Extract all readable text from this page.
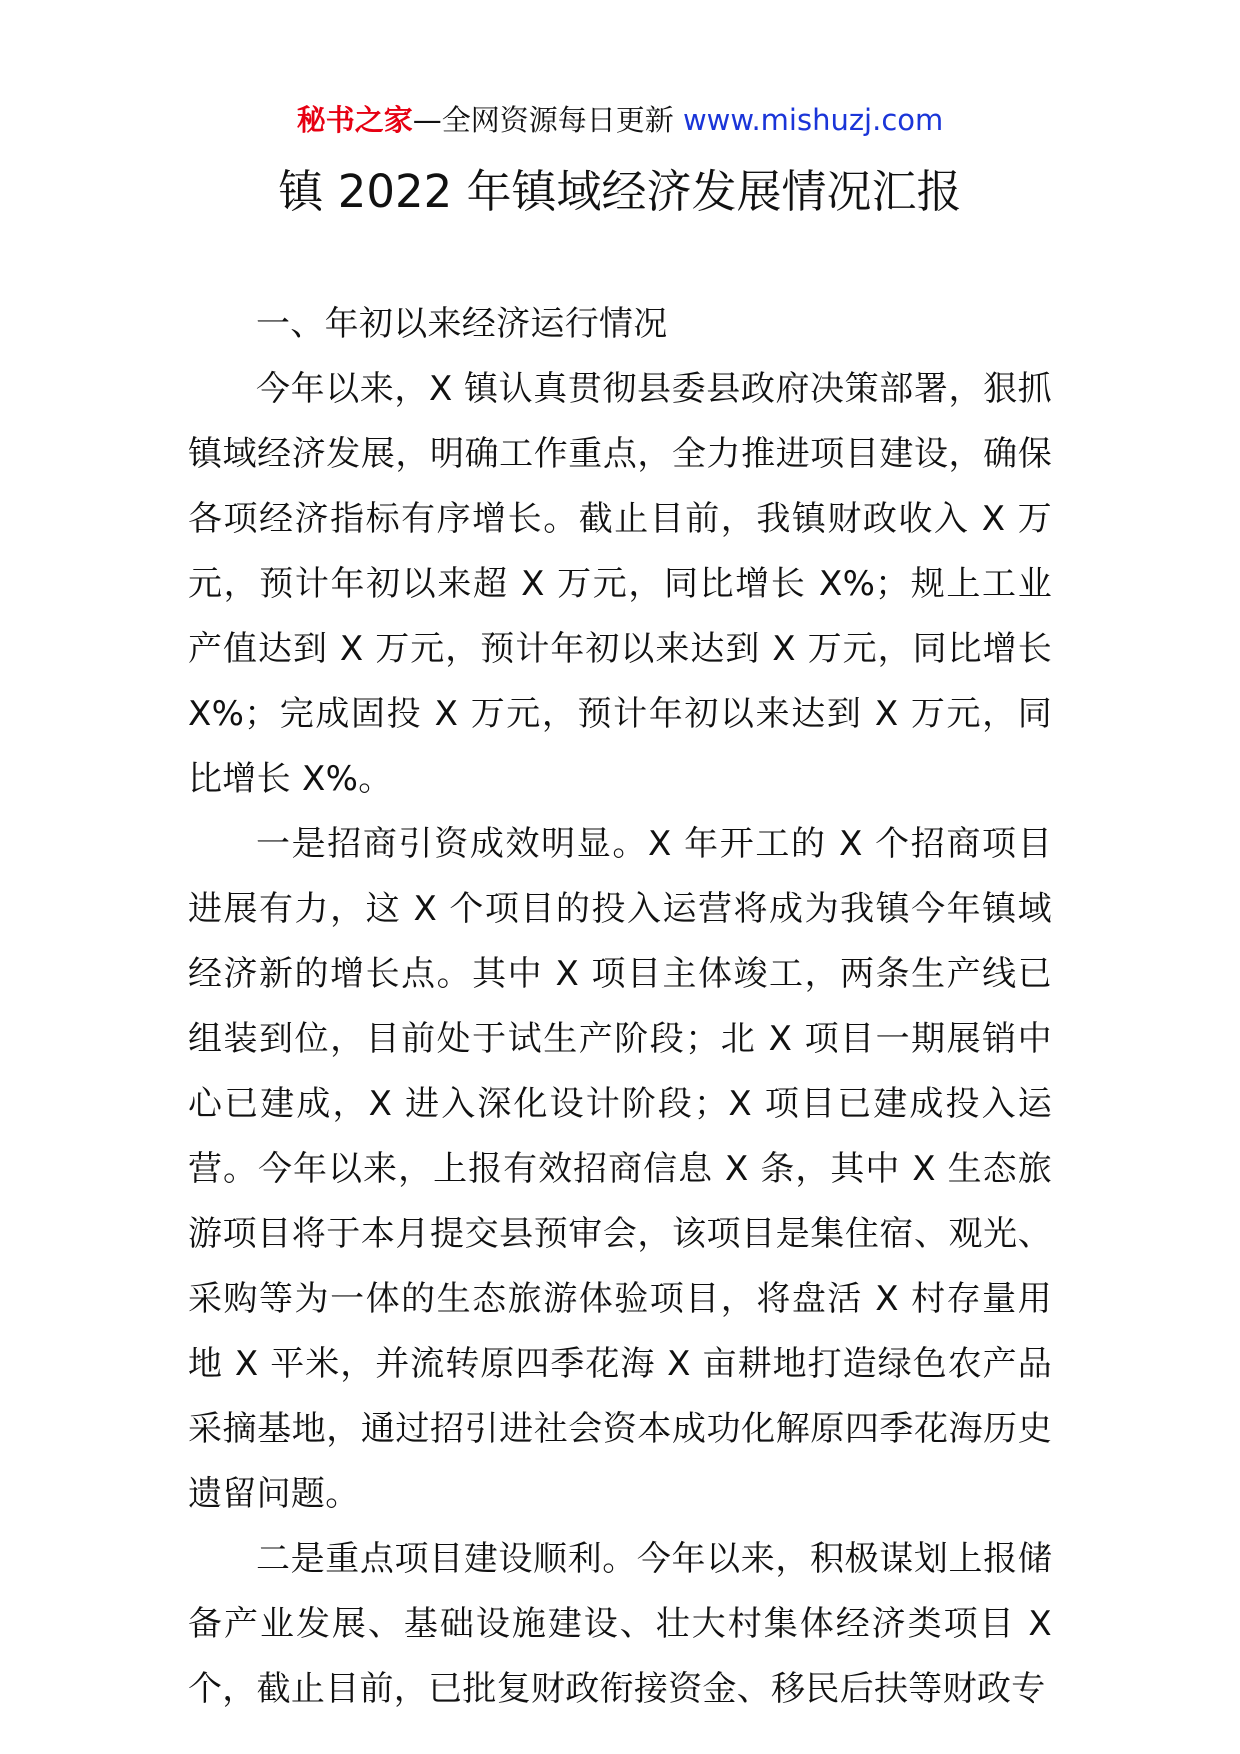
秘书之家—全网资源每日更新 www.mishuzj.com
镇 2022 年镇域经济发展情况汇报

一、年初以来经济运行情况

今年以来，X 镇认真贯彻县委县政府决策部署，狠抓镇域经济发展，明确工作重点，全力推进项目建设，确保各项经济指标有序增长。截止目前，我镇财政收入 X 万元，预计年初以来超 X 万元，同比增长 X%；规上工业产值达到 X 万元，预计年初以来达到 X 万元，同比增长 X%；完成固投 X 万元，预计年初以来达到 X 万元，同比增长 X%。

一是招商引资成效明显。X 年开工的 X 个招商项目进展有力，这 X 个项目的投入运营将成为我镇今年镇域经济新的增长点。其中 X 项目主体竣工，两条生产线已组装到位，目前处于试生产阶段；北 X 项目一期展销中心已建成，X 进入深化设计阶段；X 项目已建成投入运营。今年以来，上报有效招商信息 X 条，其中 X 生态旅游项目将于本月提交县预审会，该项目是集住宿、观光、采购等为一体的生态旅游体验项目，将盘活 X 村存量用地 X 平米，并流转原四季花海 X 亩耕地打造绿色农产品采摘基地，通过招引进社会资本成功化解原四季花海历史遗留问题。

二是重点项目建设顺利。今年以来，积极谋划上报储备产业发展、基础设施建设、壮大村集体经济类项目 X 个，截止目前，已批复财政衔接资金、移民后扶等财政专
